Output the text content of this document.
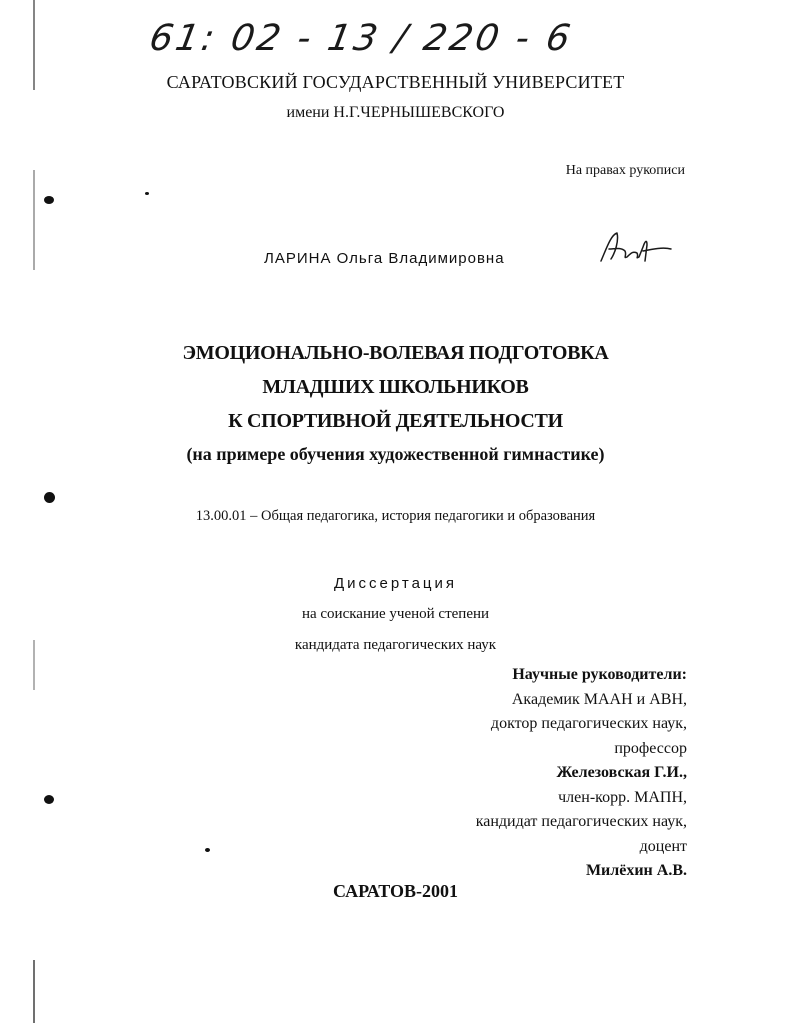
61: 02 - 13 / 220 - 6
САРАТОВСКИЙ ГОСУДАРСТВЕННЫЙ УНИВЕРСИТЕТ
имени Н.Г.ЧЕРНЫШЕВСКОГО
На правах рукописи
ЛАРИНА Ольга Владимировна
ЭМОЦИОНАЛЬНО-ВОЛЕВАЯ ПОДГОТОВКА
МЛАДШИХ ШКОЛЬНИКОВ
К СПОРТИВНОЙ ДЕЯТЕЛЬНОСТИ
(на примере обучения художественной гимнастике)
13.00.01 – Общая педагогика, история педагогики и образования
Диссертация
на соискание ученой степени
кандидата педагогических наук
Научные руководители:
Академик МААН и АВН,
доктор педагогических наук,
профессор
Железовская Г.И.,
член-корр. МАПН,
кандидат педагогических наук,
доцент
Милёхин А.В.
САРАТОВ-2001
